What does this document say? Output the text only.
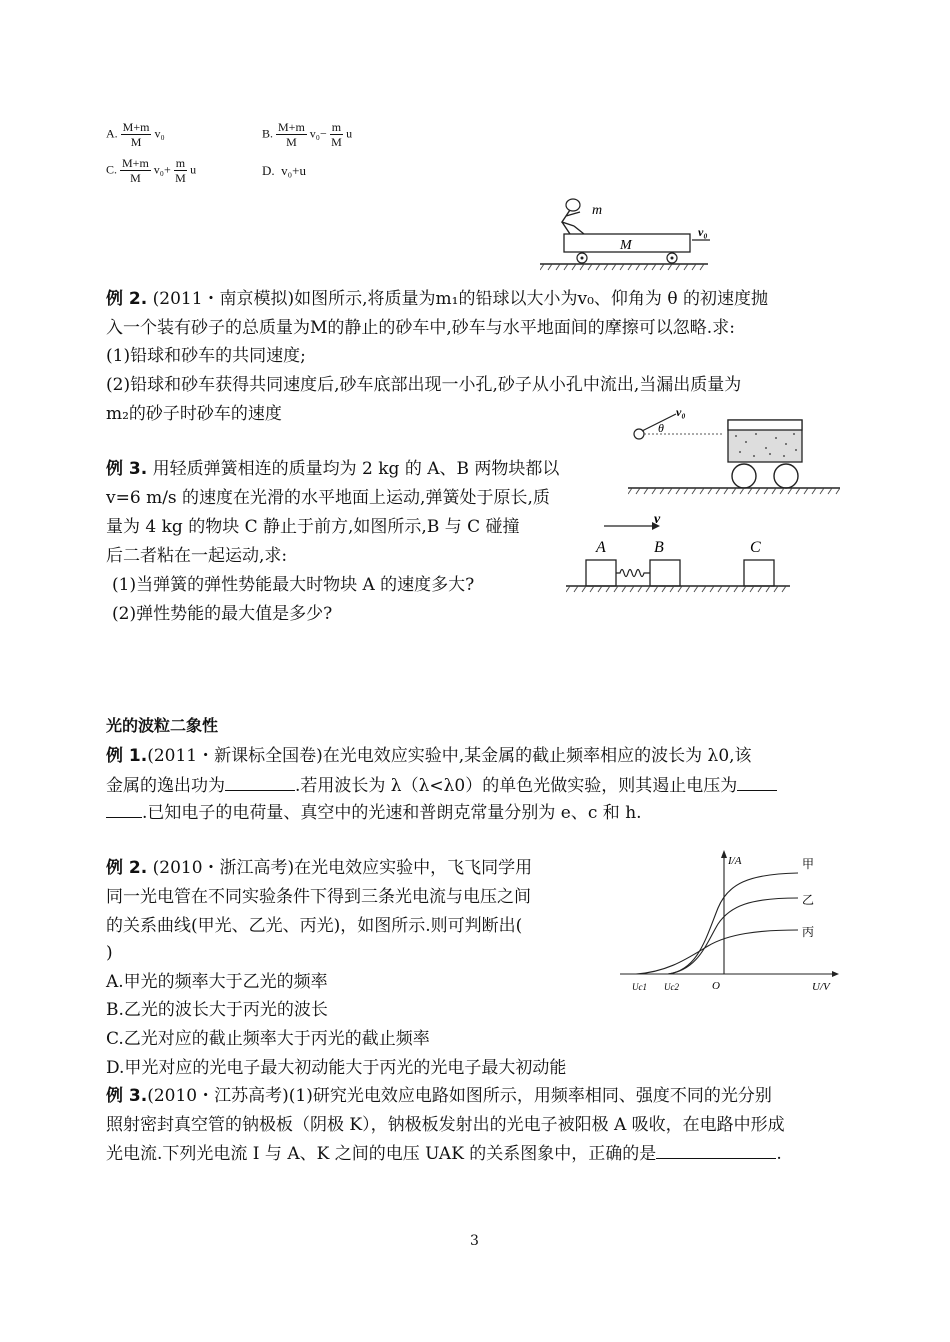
A. $\frac{M+m}{M} v_0$	B. $\frac{M+m}{M} v_0- \frac{m}{M}$ u
C. $\frac{M+m}{M} v_0+ \frac{m}{M}$ u	D. v₀+u
m
M
v₀
例 2. (2011・南京模拟)如图所示,将质量为m₁的铅球以大小为v₀、仰角为 θ 的初速度抛
入一个装有砂子的总质量为M的静止的砂车中,砂车与水平地面间的摩擦可以忽略.求:
(1)铅球和砂车的共同速度;
(2)铅球和砂车获得共同速度后,砂车底部出现一小孔,砂子从小孔中流出,当漏出质量为
m₂的砂子时砂车的速度	v₀
θ
例 3. 用轻质弹簧相连的质量均为 2 kg 的 A、B 两物块都以
v=6 m/s 的速度在光滑的水平地面上运动,弹簧处于原长,质
量为 4 kg 的物块 C 静止于前方,如图所示,B 与 C 碰撞
后二者粘在一起运动,求:
(1)当弹簧的弹性势能最大时物块 A 的速度多大?
(2)弹性势能的最大值是多少?
v
A	B	C
光的波粒二象性
例 1.(2011・新课标全国卷)在光电效应实验中,某金属的截止频率相应的波长为 λ0,该
金属的逸出功为	.若用波长为 λ（λ<λ0）的单色光做实验，则其遏止电压为
.已知电子的电荷量、真空中的光速和普朗克常量分别为 e、c 和 h.
例 2. (2010・浙江高考)在光电效应实验中，飞飞同学用
同一光电管在不同实验条件下得到三条光电流与电压之间
的关系曲线(甲光、乙光、丙光)，如图所示.则可判断出(
)
A.甲光的频率大于乙光的频率
B.乙光的波长大于丙光的波长
C.乙光对应的截止频率大于丙光的截止频率
D.甲光对应的光电子最大初动能大于丙光的光电子最大初动能
I/A
U/V
O
Uc1 Uc2
甲
乙
丙
例 3.(2010・江苏高考)(1)研究光电效应电路如图所示，用频率相同、强度不同的光分别
照射密封真空管的钠极板（阴极 K），钠极板发射出的光电子被阳极 A 吸收，在电路中形成
光电流.下列光电流 I 与 A、K 之间的电压 UAK 的关系图象中，正确的是	.
3
